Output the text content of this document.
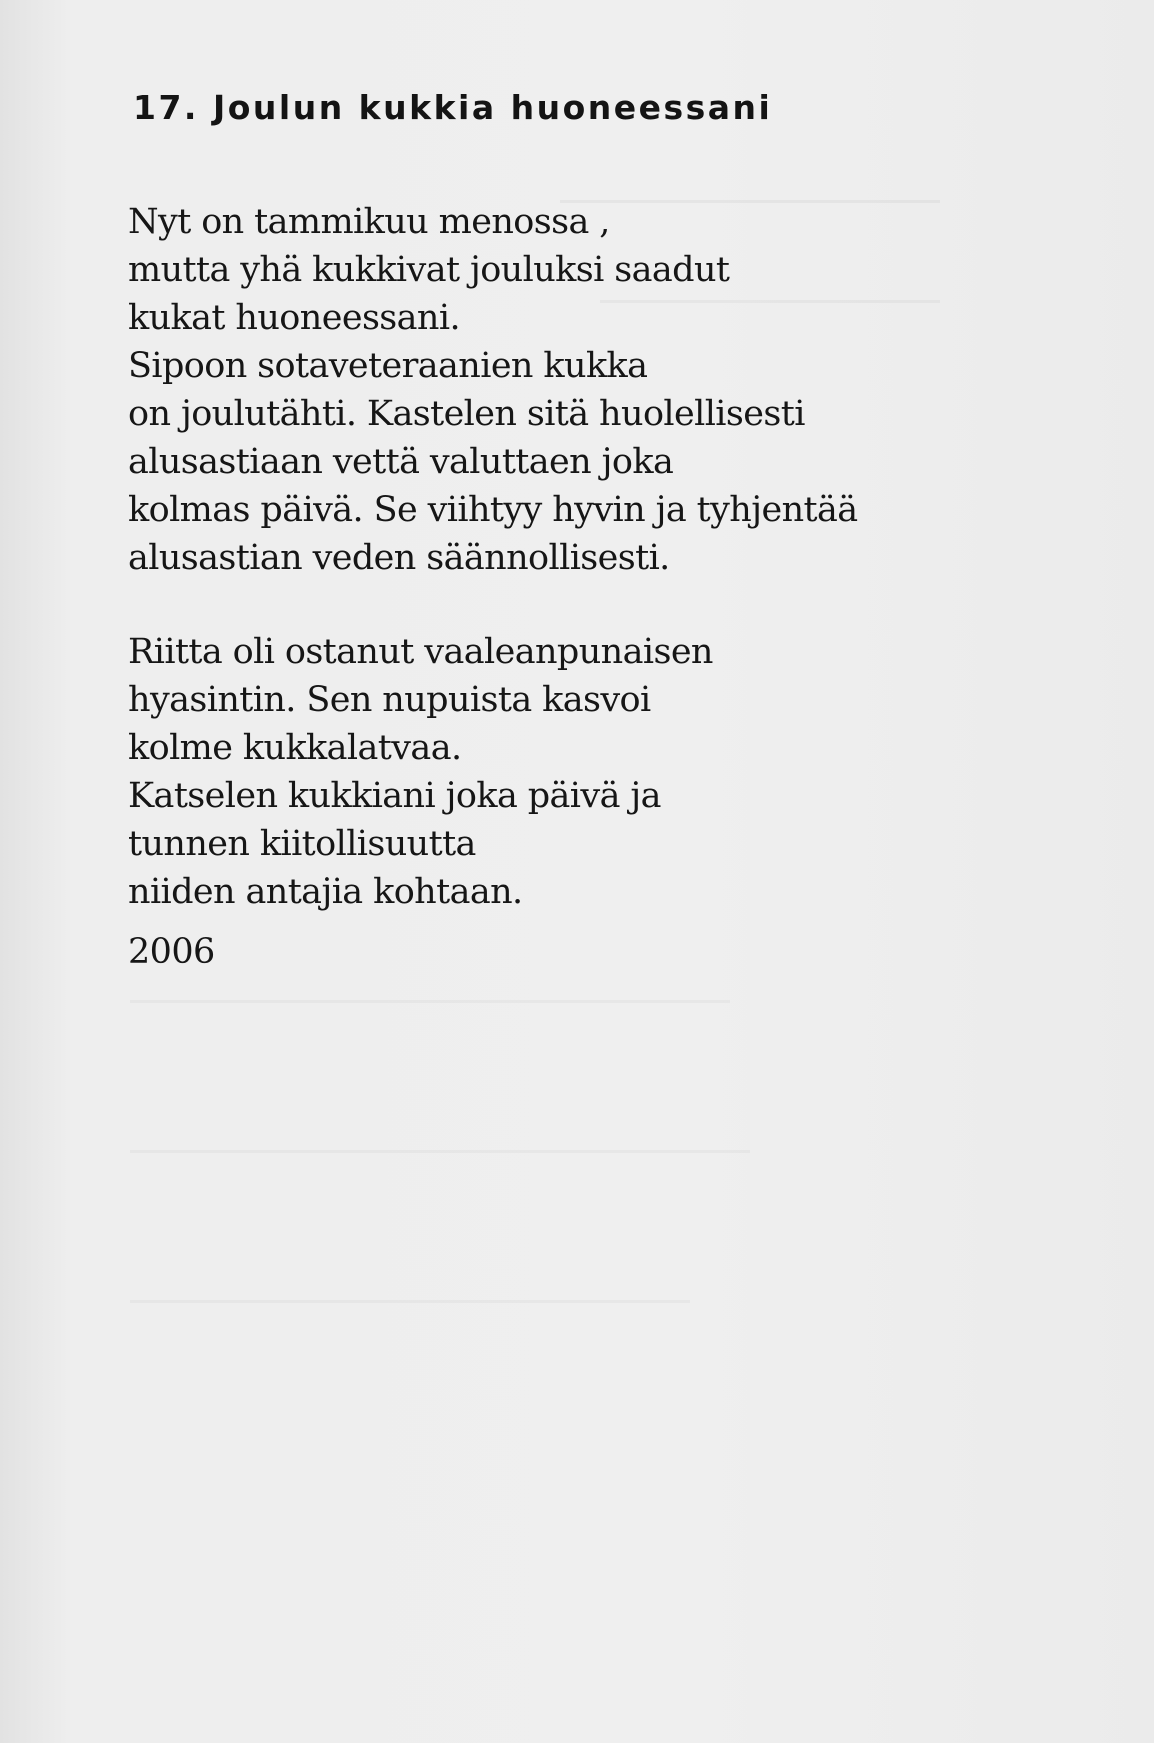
17. Joulun kukkia huoneessani
Nyt on tammikuu menossa ,
mutta yhä kukkivat jouluksi saadut
kukat huoneessani.
Sipoon sotaveteraanien kukka
on joulutähti. Kastelen sitä huolellisesti
alusastiaan vettä valuttaen joka
kolmas päivä. Se viihtyy hyvin ja tyhjentää
alusastian veden säännollisesti.
Riitta oli ostanut vaaleanpunaisen
hyasintin. Sen nupuista kasvoi
kolme kukkalatvaa.
Katselen kukkiani joka päivä ja
tunnen kiitollisuutta
niiden antajia kohtaan.
2006
